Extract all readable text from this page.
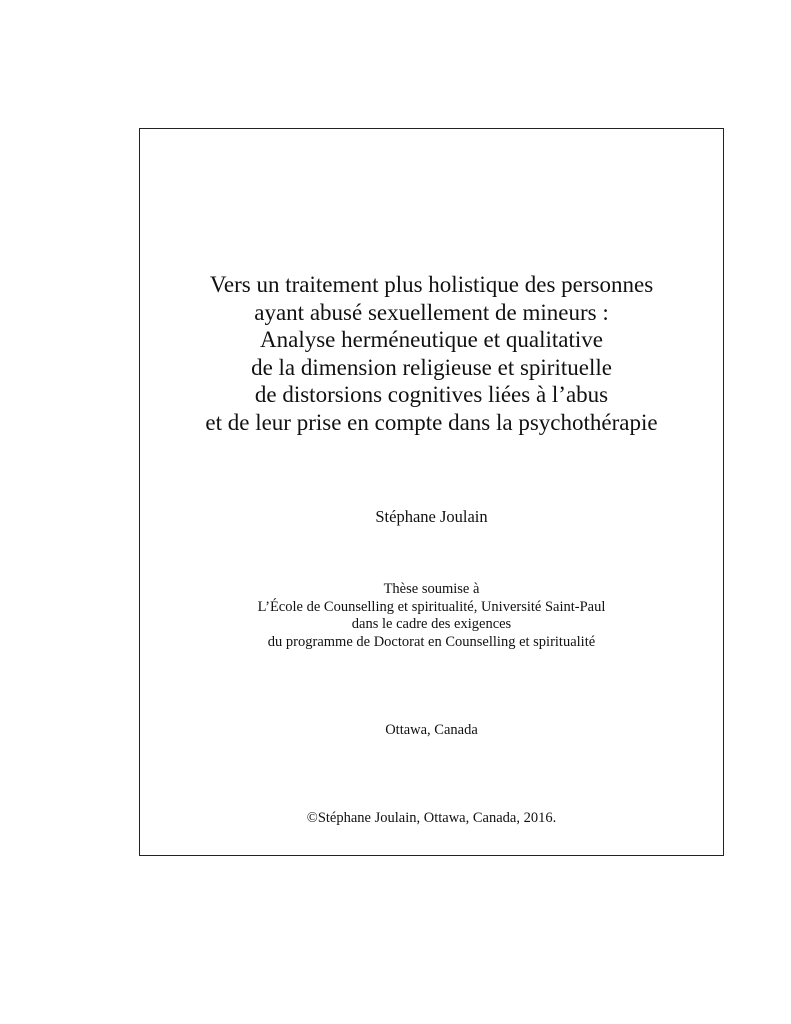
Vers un traitement plus holistique des personnes
ayant abusé sexuellement de mineurs :
Analyse herméneutique et qualitative
de la dimension religieuse et spirituelle
de distorsions cognitives liées à l’abus
et de leur prise en compte dans la psychothérapie
Stéphane Joulain
Thèse soumise à
L’École de Counselling et spiritualité, Université Saint-Paul
dans le cadre des exigences
du programme de Doctorat en Counselling et spiritualité
Ottawa, Canada
©Stéphane Joulain, Ottawa, Canada, 2016.
